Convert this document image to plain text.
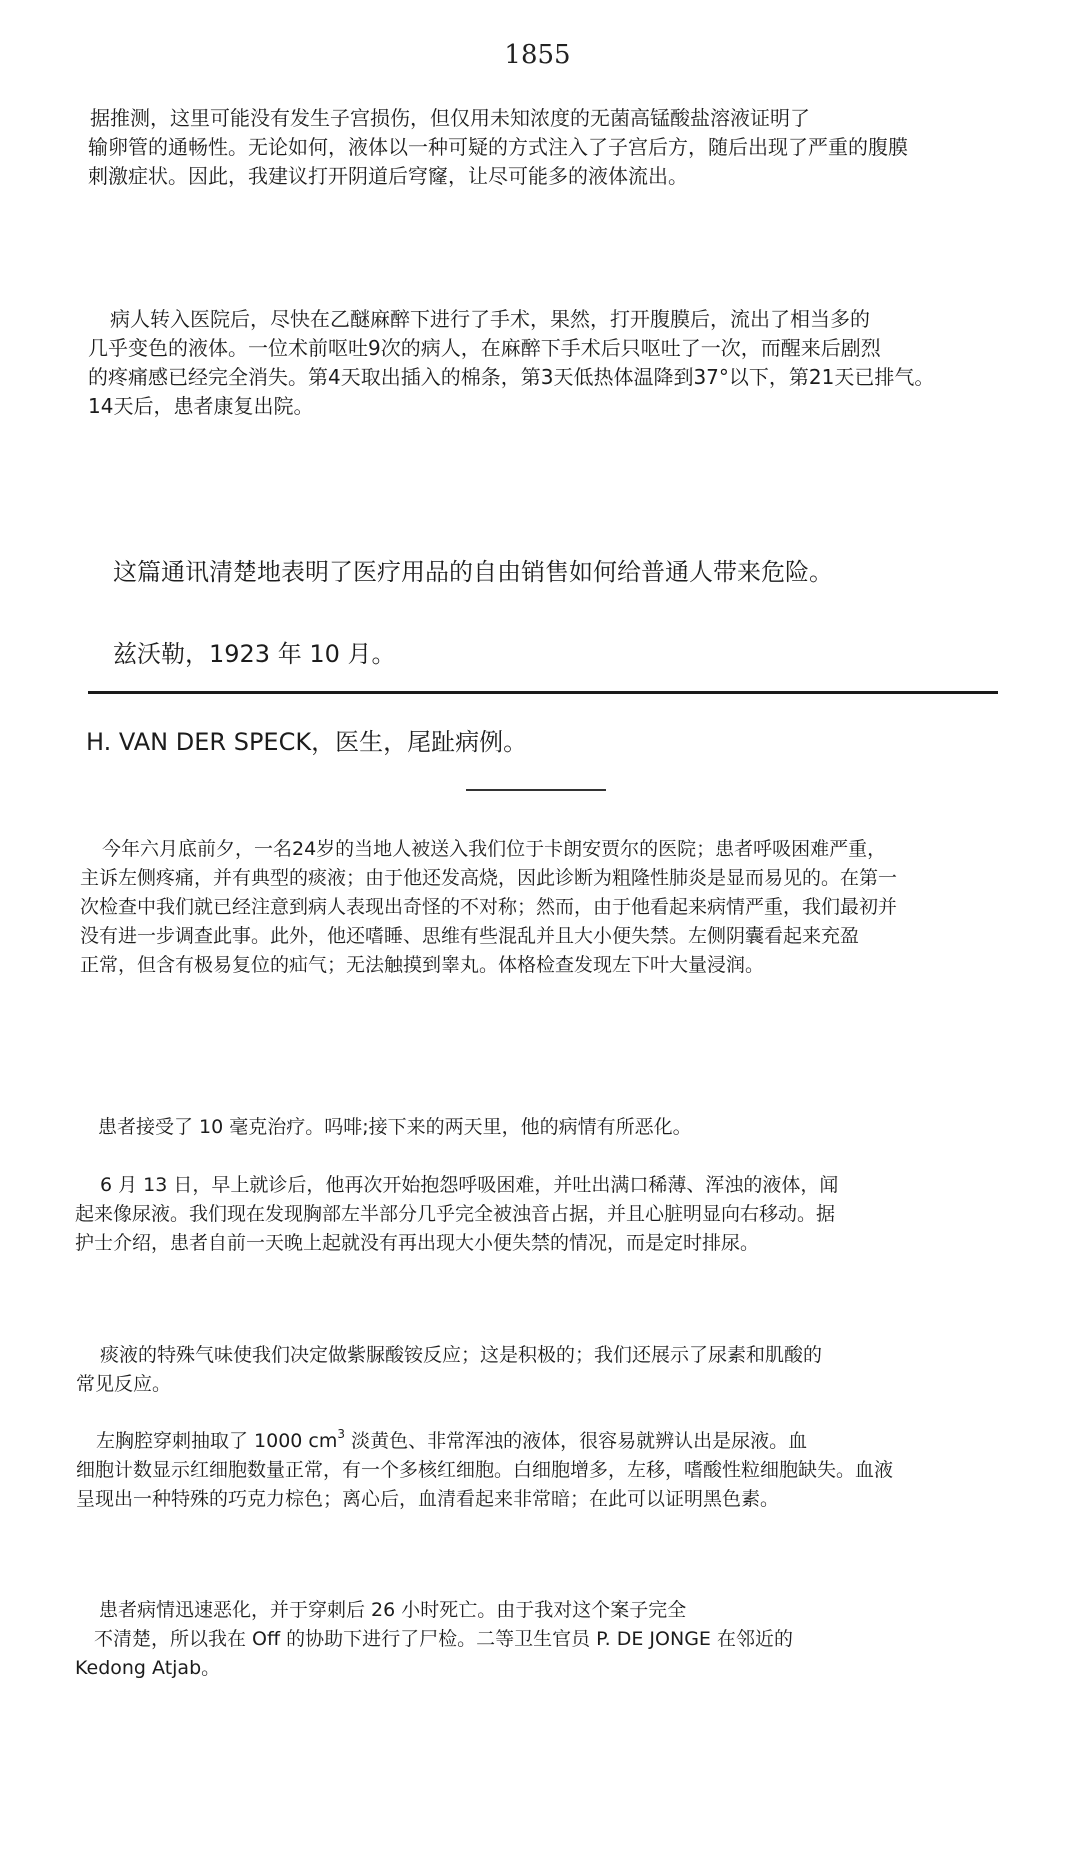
1855

据推测，这里可能没有发生子宫损伤，但仅用未知浓度的无菌高锰酸盐溶液证明了

输卵管的通畅性。无论如何，液体以一种可疑的方式注入了子宫后方，随后出现了严重的腹膜

刺激症状。因此，我建议打开阴道后穹窿，让尽可能多的液体流出。

病人转入医院后，尽快在乙醚麻醉下进行了手术，果然，打开腹膜后，流出了相当多的

几乎变色的液体。一位术前呕吐9次的病人，在麻醉下手术后只呕吐了一次，而醒来后剧烈

的疼痛感已经完全消失。第4天取出插入的棉条，第3天低热体温降到37°以下，第21天已排气。

14天后，患者康复出院。

这篇通讯清楚地表明了医疗用品的自由销售如何给普通人带来危险。
兹沃勒，1923 年 10 月。
H. VAN DER SPECK，医生，尾趾病例。

今年六月底前夕，一名24岁的当地人被送入我们位于卡朗安贾尔的医院；患者呼吸困难严重，

主诉左侧疼痛，并有典型的痰液；由于他还发高烧，因此诊断为粗隆性肺炎是显而易见的。在第一

次检查中我们就已经注意到病人表现出奇怪的不对称；然而，由于他看起来病情严重，我们最初并

没有进一步调查此事。此外，他还嗜睡、思维有些混乱并且大小便失禁。左侧阴囊看起来充盈

正常，但含有极易复位的疝气；无法触摸到睾丸。体格检查发现左下叶大量浸润。

患者接受了 10 毫克治疗。吗啡;接下来的两天里，他的病情有所恶化。

6 月 13 日，早上就诊后，他再次开始抱怨呼吸困难，并吐出满口稀薄、浑浊的液体，闻

起来像尿液。我们现在发现胸部左半部分几乎完全被浊音占据，并且心脏明显向右移动。据

护士介绍，患者自前一天晚上起就没有再出现大小便失禁的情况，而是定时排尿。

痰液的特殊气味使我们决定做紫脲酸铵反应；这是积极的；我们还展示了尿素和肌酸的

常见反应。

左胸腔穿刺抽取了 1000 $cm^3$ 淡黄色、非常浑浊的液体，很容易就辨认出是尿液。血

细胞计数显示红细胞数量正常，有一个多核红细胞。白细胞增多，左移，嗜酸性粒细胞缺失。血液

呈现出一种特殊的巧克力棕色；离心后，血清看起来非常暗；在此可以证明黑色素。

患者病情迅速恶化，并于穿刺后 26 小时死亡。由于我对这个案子完全

不清楚，所以我在 Off 的协助下进行了尸检。二等卫生官员 P. DE JONGE 在邻近的

Kedong Atjab。
